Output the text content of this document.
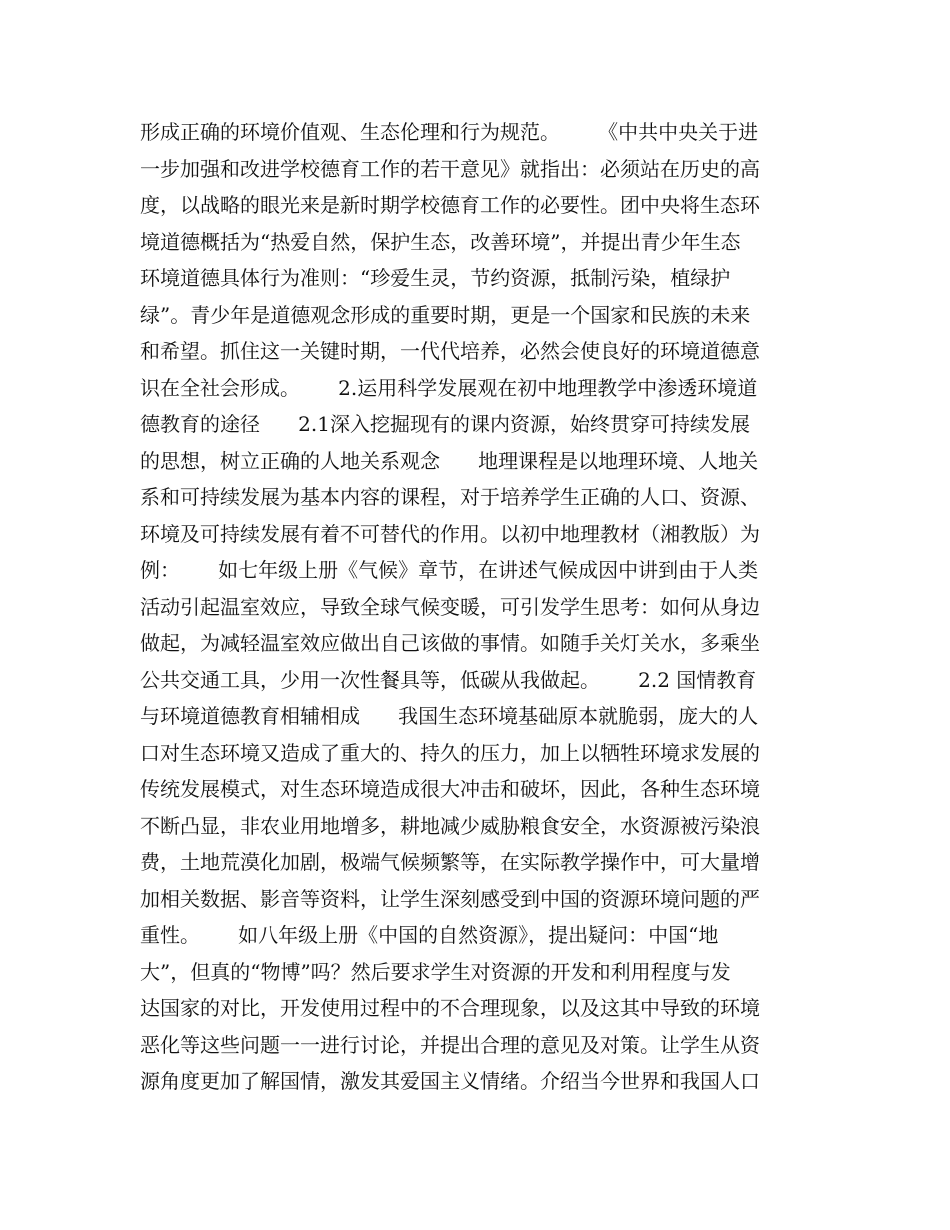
形成正确的环境价值观、生态伦理和行为规范。      《中共中央关于进
一步加强和改进学校德育工作的若干意见》就指出：必须站在历史的高
度，以战略的眼光来是新时期学校德育工作的必要性。团中央将生态环
境道德概括为“热爱自然，保护生态，改善环境”，并提出青少年生态
环境道德具体行为准则：“珍爱生灵，节约资源，抵制污染，植绿护
绿”。青少年是道德观念形成的重要时期，更是一个国家和民族的未来
和希望。抓住这一关键时期，一代代培养，必然会使良好的环境道德意
识在全社会形成。      2.运用科学发展观在初中地理教学中渗透环境道
德教育的途径      2.1深入挖掘现有的课内资源，始终贯穿可持续发展
的思想，树立正确的人地关系观念      地理课程是以地理环境、人地关
系和可持续发展为基本内容的课程，对于培养学生正确的人口、资源、
环境及可持续发展有着不可替代的作用。以初中地理教材（湘教版）为
例：      如七年级上册《气候》章节，在讲述气候成因中讲到由于人类
活动引起温室效应，导致全球气候变暖，可引发学生思考：如何从身边
做起，为减轻温室效应做出自己该做的事情。如随手关灯关水，多乘坐
公共交通工具，少用一次性餐具等，低碳从我做起。      2.2 国情教育
与环境道德教育相辅相成      我国生态环境基础原本就脆弱，庞大的人
口对生态环境又造成了重大的、持久的压力，加上以牺牲环境求发展的
传统发展模式，对生态环境造成很大冲击和破坏，因此，各种生态环境
不断凸显，非农业用地增多，耕地减少威胁粮食安全，水资源被污染浪
费，土地荒漠化加剧，极端气候频繁等，在实际教学操作中，可大量增
加相关数据、影音等资料，让学生深刻感受到中国的资源环境问题的严
重性。      如八年级上册《中国的自然资源》，提出疑问：中国“地
大”，但真的“物博”吗？然后要求学生对资源的开发和利用程度与发
达国家的对比，开发使用过程中的不合理现象，以及这其中导致的环境
恶化等这些问题一一进行讨论，并提出合理的意见及对策。让学生从资
源角度更加了解国情，激发其爱国主义情绪。介绍当今世界和我国人口
